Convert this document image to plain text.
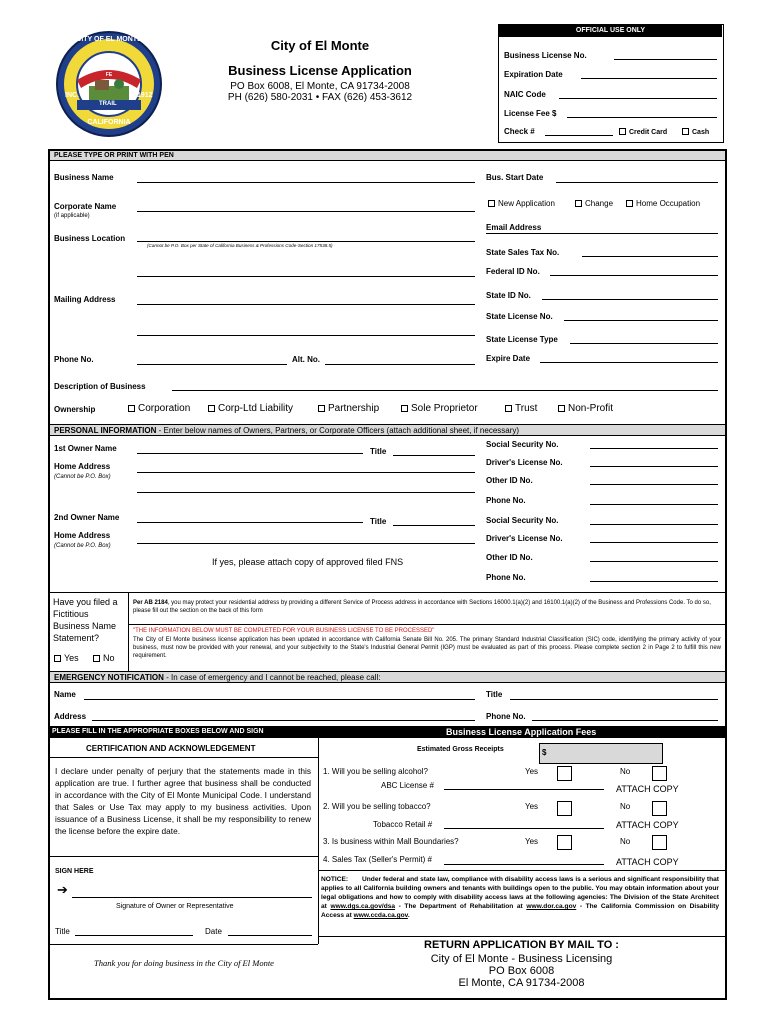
CITY OF EL MONTE
END OF THE SANTA FE
INC.	1912
TRAIL
CALIFORNIA
City of El Monte
Business License Application
PO Box 6008, El Monte, CA 91734-2008
PH (626) 580-2031 • FAX (626) 453-3612
OFFICIAL USE ONLY
Business License No.
Expiration Date
NAIC Code
License Fee $
Check #	Credit Card	Cash
PLEASE TYPE OR PRINT WITH PEN
Business Name	Bus. Start Date
Corporate Name
(if applicable)
New Application	Change	Home Occupation
Email Address
Business Location
(Cannot be P.O. Box per State of California Business & Professions Code-Section 17538.5)
State Sales Tax No.
Federal ID No.
State ID No.
Mailing Address
State License No.
State License Type
Phone No.	Alt. No.	Expire Date
Description of Business
Ownership	Corporation	Corp-Ltd Liability	Partnership	Sole Proprietor	Trust	Non-Profit
PERSONAL INFORMATION - Enter below names of Owners, Partners, or Corporate Officers (attach additional sheet, if necessary)
1st Owner Name	Title
Home Address
(Cannot be P.O. Box)
Social Security No.
Driver's License No.
Other ID No.
Phone No.
2nd Owner Name	Title
Home Address
(Cannot be P.O. Box)
If yes, please attach copy of approved filed FNS
Social Security No.
Driver's License No.
Other ID No.
Phone No.
Have you filed a
Fictitious
Business Name
Statement?
Yes	No
Per AB 2184, you may protect your residential address by providing a different Service of Process address in accordance with Sections 16000.1(a)(2) and 16100.1(a)(2) of the Business and Professions Code. To do so, please fill out the section on the back of this form
"THE INFORMATION BELOW MUST BE COMPLETED FOR YOUR BUSINESS LICENSE TO BE PROCESSED"
The City of El Monte business license application has been updated in accordance with California Senate Bill No. 205. The primary Standard Industrial Classification (SIC) code, identifying the primary activity of your business, must now be provided with your renewal, and your subjectivity to the State's Industrial General Permit (IGP) must be evaluated as part of this process. Please complete section 2 in Page 2 to fulfill this new requirement.
EMERGENCY NOTIFICATION - In case of emergency and I cannot be reached, please call:
Name	Title
Address	Phone No.
PLEASE FILL IN THE APPROPRIATE BOXES BELOW AND SIGN	Business License Application Fees
CERTIFICATION AND ACKNOWLEDGEMENT
I declare under penalty of perjury that the statements made in this application are true. I further agree that business shall be conducted in accordance with the City of El Monte Municipal Code. I understand that Sales or Use Tax may apply to my business activities. Upon issuance of a Business License, it shall be my responsibility to renew the license before the expire date.
SIGN HERE
➔
Signature of Owner or Representative
Title	Date
Thank you for doing business in the City of El Monte
Estimated Gross Receipts	$
1. Will you be selling alcohol?	Yes	No
ABC License #	ATTACH COPY
2. Will you be selling tobacco?	Yes	No
Tobacco Retail #	ATTACH COPY
3. Is business within Mall Boundaries?	Yes	No
4. Sales Tax (Seller's Permit) #	ATTACH COPY
NOTICE: Under federal and state law, compliance with disability access laws is a serious and significant responsibility that applies to all California building owners and tenants with buildings open to the public. You may obtain information about your legal obligations and how to comply with disability access laws at the following agencies: The Division of the State Architect at www.dgs.ca.gov/dsa - The Department of Rehabilitation at www.dor.ca.gov - The California Commission on Disability Access at www.ccda.ca.gov.
RETURN APPLICATION BY MAIL TO :
City of El Monte - Business Licensing
PO Box 6008
El Monte, CA 91734-2008
